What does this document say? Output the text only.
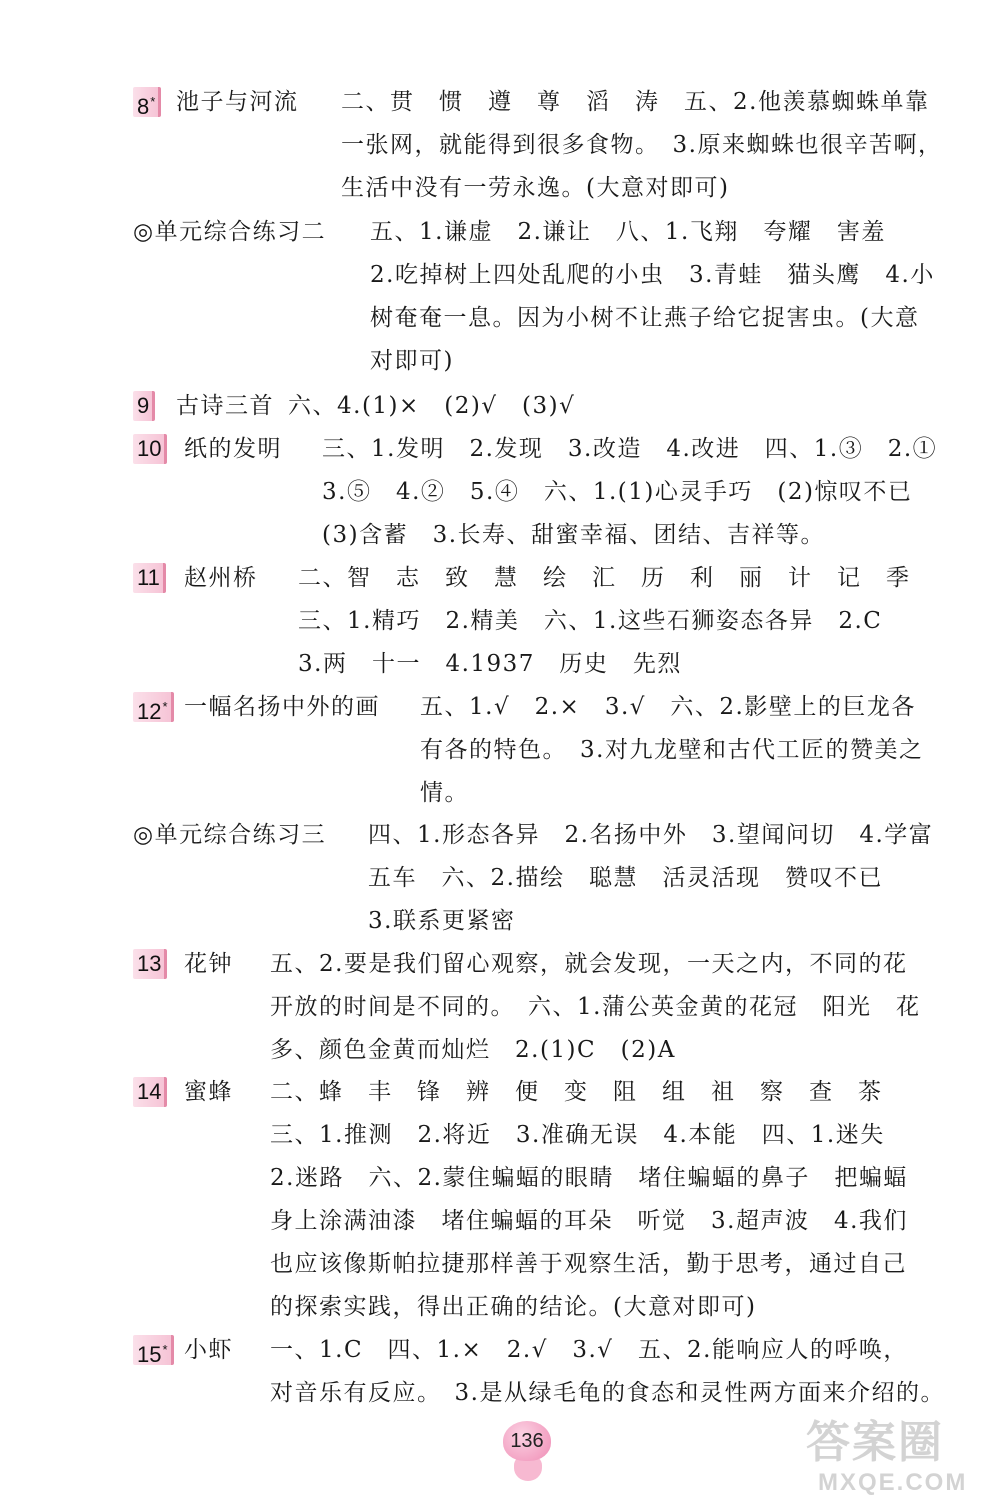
8* 池子与河流 二、贯　惯　遵　尊　滔　涛　五、2.他羡慕蜘蛛单靠
一张网，就能得到很多食物。　3.原来蜘蛛也很辛苦啊，
生活中没有一劳永逸。(大意对即可)
◎单元综合练习二 五、1.谦虚　2.谦让　八、1.飞翔　夸耀　害羞
2.吃掉树上四处乱爬的小虫　3.青蛙　猫头鹰　4.小
树奄奄一息。因为小树不让燕子给它捉害虫。(大意
对即可)
9 古诗三首 六、4.(1)×　(2)√　(3)√
10 纸的发明 三、1.发明　2.发现　3.改造　4.改进　四、1.③　2.①
3.⑤　4.②　5.④　六、1.(1)心灵手巧　(2)惊叹不已
(3)含蓄　3.长寿、甜蜜幸福、团结、吉祥等。
11 赵州桥 二、智　志　致　慧　绘　汇　历　利　丽　计　记　季
三、1.精巧　2.精美　六、1.这些石狮姿态各异　2.C
3.两　十一　4.1937　历史　先烈
12* 一幅名扬中外的画 五、1.√　2.×　3.√　六、2.影壁上的巨龙各
有各的特色。　3.对九龙壁和古代工匠的赞美之
情。
◎单元综合练习三 四、1.形态各异　2.名扬中外　3.望闻问切　4.学富
五车　六、2.描绘　聪慧　活灵活现　赞叹不已
3.联系更紧密
13 花钟 五、2.要是我们留心观察，就会发现，一天之内，不同的花
开放的时间是不同的。　六、1.蒲公英金黄的花冠　阳光　花
多、颜色金黄而灿烂　2.(1)C　(2)A
14 蜜蜂 二、蜂　丰　锋　辨　便　变　阻　组　祖　察　查　茶
三、1.推测　2.将近　3.准确无误　4.本能　四、1.迷失
2.迷路　六、2.蒙住蝙蝠的眼睛　堵住蝙蝠的鼻子　把蝙蝠
身上涂满油漆　堵住蝙蝠的耳朵　听觉　3.超声波　4.我们
也应该像斯帕拉捷那样善于观察生活，勤于思考，通过自己
的探索实践，得出正确的结论。(大意对即可)
15* 小虾 一、1.C　四、1.×　2.√　3.√　五、2.能响应人的呼唤，
对音乐有反应。　3.是从绿毛龟的食态和灵性两方面来介绍的。
136	答案圈
MXQE.COM
